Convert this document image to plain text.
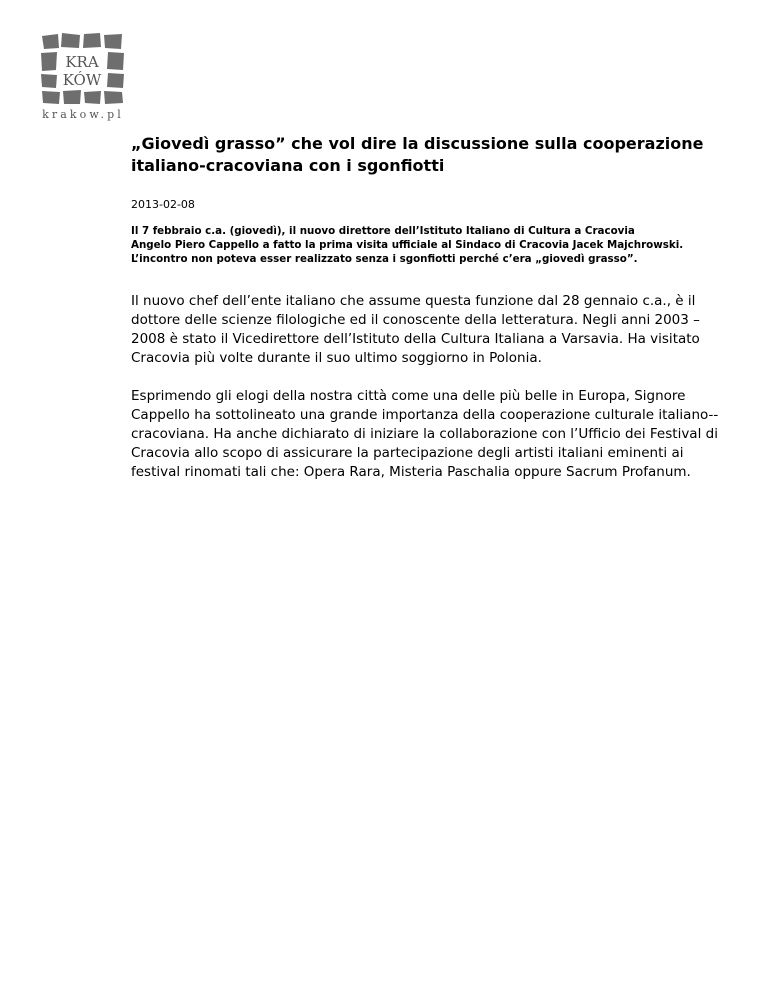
KRA
KÓW
krakow.pl
„Giovedì grasso” che vol dire la discussione sulla cooperazione italiano-cracoviana con i sgonfiotti
2013-02-08
Il 7 febbraio c.a. (giovedì), il nuovo direttore dell’Istituto Italiano di Cultura a Cracovia
Angelo Piero Cappello a fatto la prima visita ufficiale al Sindaco di Cracovia Jacek Majchrowski. L’incontro non poteva esser realizzato senza i sgonfiotti perché c’era „giovedì grasso”.

Il nuovo chef dell’ente italiano che assume questa funzione dal 28 gennaio c.a., è il dottore delle scienze filologiche ed il conoscente della letteratura. Negli anni 2003 – 2008 è stato il Vicedirettore dell’Istituto della Cultura Italiana a Varsavia. Ha visitato Cracovia più volte durante il suo ultimo soggiorno in Polonia.

Esprimendo gli elogi della nostra città come una delle più belle in Europa, Signore Cappello ha sottolineato una grande importanza della cooperazione culturale italiano--cracoviana. Ha anche dichiarato di iniziare la collaborazione con l’Ufficio dei Festival di Cracovia allo scopo di assicurare la partecipazione degli artisti italiani eminenti ai festival rinomati tali che: Opera Rara, Misteria Paschalia oppure Sacrum Profanum.
